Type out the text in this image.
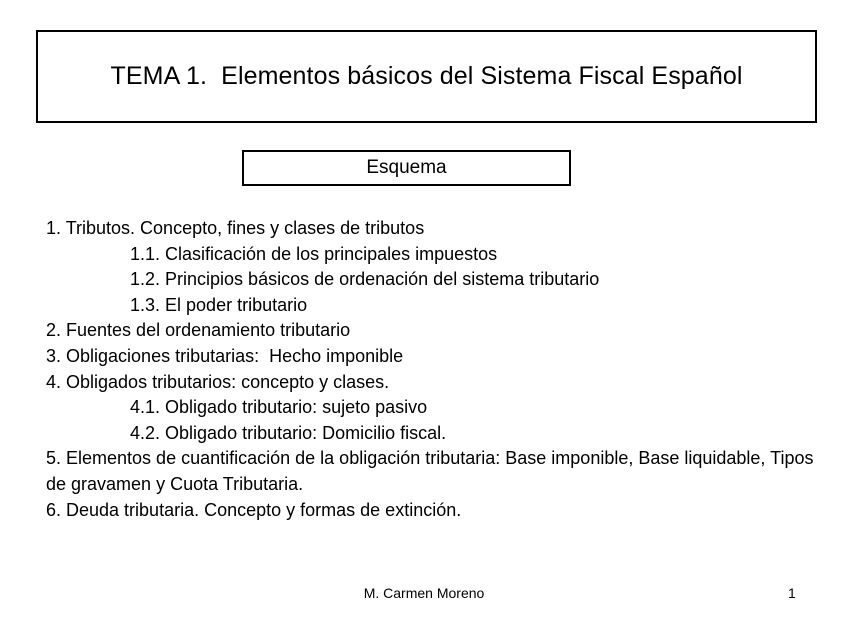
TEMA 1.  Elementos básicos del Sistema Fiscal Español
Esquema
1. Tributos. Concepto, fines y clases de tributos
1.1. Clasificación de los principales impuestos
1.2. Principios básicos de ordenación del sistema tributario
1.3. El poder tributario
2. Fuentes del ordenamiento tributario
3. Obligaciones tributarias:  Hecho imponible
4. Obligados tributarios: concepto y clases.
4.1. Obligado tributario: sujeto pasivo
4.2. Obligado tributario: Domicilio fiscal.
5. Elementos de cuantificación de la obligación tributaria: Base imponible, Base liquidable, Tipos de gravamen y Cuota Tributaria.
6. Deuda tributaria. Concepto y formas de extinción.
M. Carmen Moreno	1
